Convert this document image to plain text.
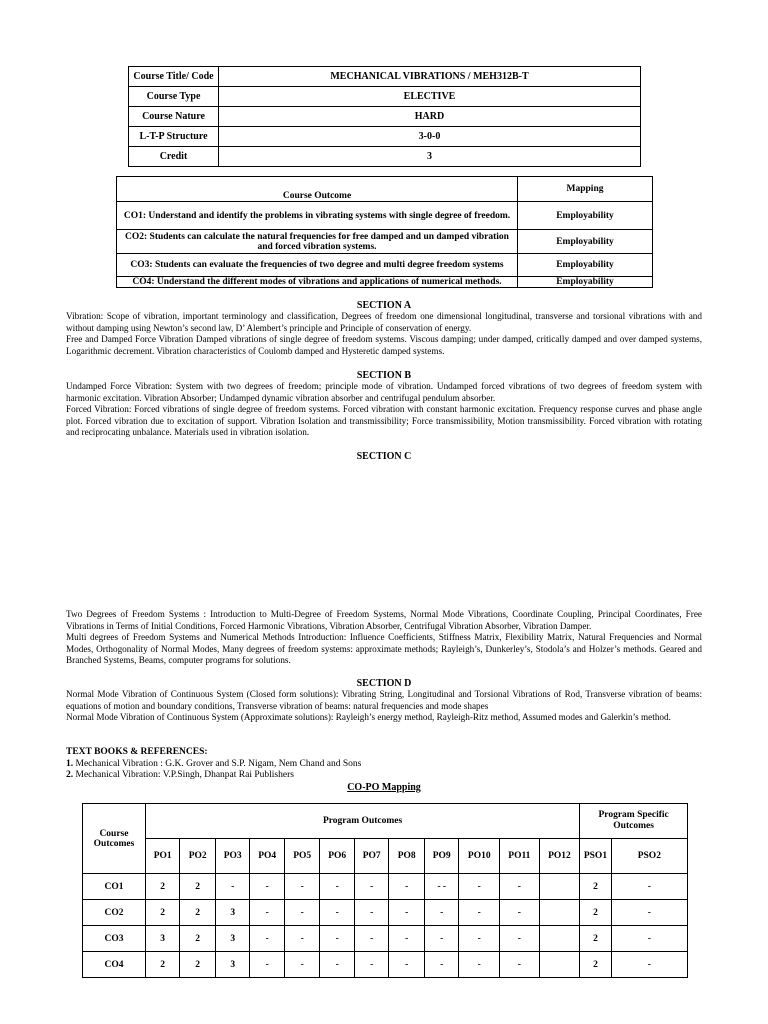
Course Title/ Code	MECHANICAL VIBRATIONS / MEH312B-T
Course Type	ELECTIVE
Course Nature	HARD
L-T-P Structure	3-0-0
Credit	3
Course Outcome	Mapping
CO1: Understand and identify the problems in vibrating systems with single degree of freedom.	Employability
CO2: Students can calculate the natural frequencies for free damped and un damped vibration and forced vibration systems.	Employability
CO3: Students can evaluate the frequencies of two degree and multi degree freedom systems	Employability
CO4: Understand the different modes of vibrations and applications of numerical methods.	Employability
SECTION A

Vibration: Scope of vibration, important terminology and classification, Degrees of freedom one dimensional longitudinal, transverse and torsional vibrations with and without damping using Newton’s second law, D’ Alembert’s principle and Principle of conservation of energy.

Free and Damped Force Vibration Damped vibrations of single degree of freedom systems. Viscous damping; under damped, critically damped and over damped systems, Logarithmic decrement. Vibration characteristics of Coulomb damped and Hysteretic damped systems.

SECTION B

Undamped Force Vibration: System with two degrees of freedom; principle mode of vibration. Undamped forced vibrations of two degrees of freedom system with harmonic excitation. Vibration Absorber; Undamped dynamic vibration absorber and centrifugal pendulum absorber.

Forced Vibration: Forced vibrations of single degree of freedom systems. Forced vibration with constant harmonic excitation. Frequency response curves and phase angle plot. Forced vibration due to excitation of support. Vibration Isolation and transmissibility; Force transmissibility, Motion transmissibility. Forced vibration with rotating and reciprocating unbalance. Materials used in vibration isolation.

SECTION C

Two Degrees of Freedom Systems : Introduction to Multi-Degree of Freedom Systems, Normal Mode Vibrations, Coordinate Coupling, Principal Coordinates, Free Vibrations in Terms of Initial Conditions, Forced Harmonic Vibrations, Vibration Absorber, Centrifugal Vibration Absorber, Vibration Damper.

Multi degrees of Freedom Systems and Numerical Methods Introduction: Influence Coefficients, Stiffness Matrix, Flexibility Matrix, Natural Frequencies and Normal Modes, Orthogonality of Normal Modes, Many degrees of freedom systems: approximate methods; Rayleigh’s, Dunkerley’s, Stodola’s and Holzer’s methods. Geared and Branched Systems, Beams, computer programs for solutions.

SECTION D

Normal Mode Vibration of Continuous System (Closed form solutions): Vibrating String, Longitudinal and Torsional Vibrations of Rod, Transverse vibration of beams: equations of motion and boundary conditions, Transverse vibration of beams: natural frequencies and mode shapes

Normal Mode Vibration of Continuous System (Approximate solutions): Rayleigh’s energy method, Rayleigh-Ritz method, Assumed modes and Galerkin’s method.

TEXT BOOKS & REFERENCES:
1. Mechanical Vibration : G.K. Grover and S.P. Nigam, Nem Chand and Sons
2. Mechanical Vibration: V.P.Singh, Dhanpat Rai Publishers
CO-PO Mapping
Course Outcomes	Program Outcomes												Program Specific Outcomes	
	PO1	PO2	PO3	PO4	PO5	PO6	PO7	PO8	PO9	PO10	PO11	PO12	PSO1	PSO2
CO1	2	2	-	-	-	-	-	-	- -	-	-		2	-
CO2	2	2	3	-	-	-	-	-	-	-	-		2	-
CO3	3	2	3	-	-	-	-	-	-	-	-		2	-
CO4	2	2	3	-	-	-	-	-	-	-	-		2	-
